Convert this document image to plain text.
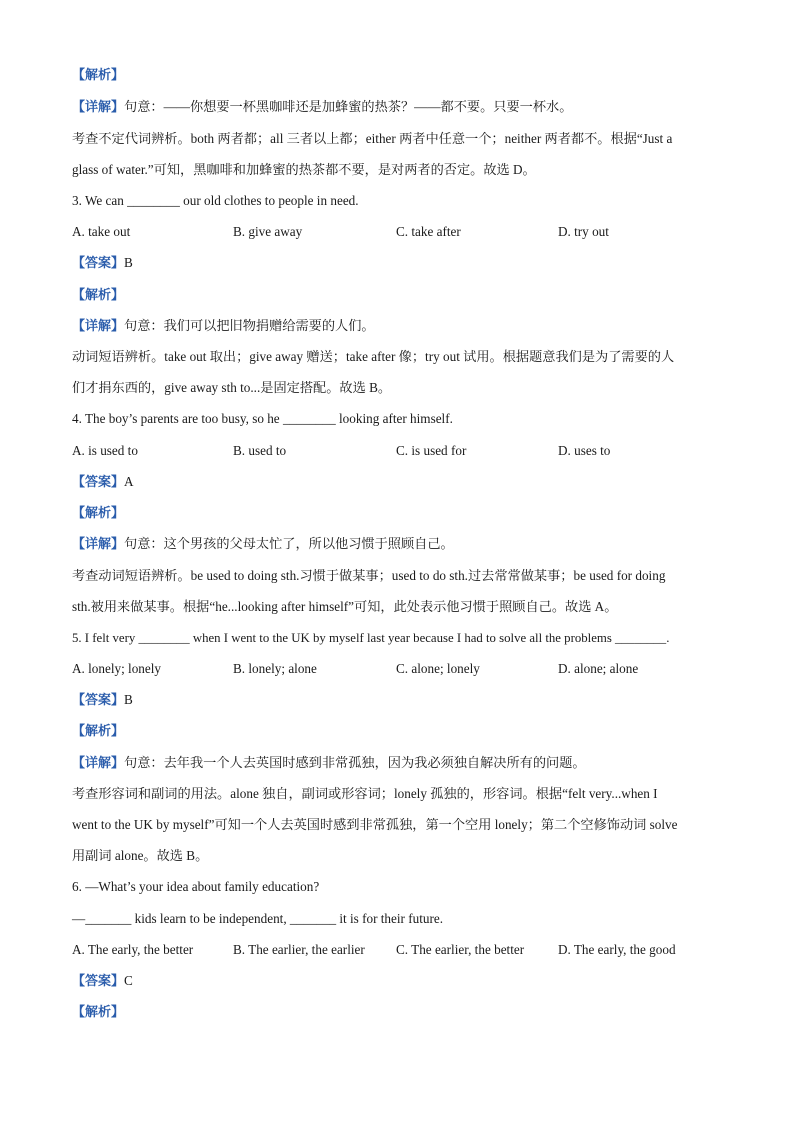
【解析】
【详解】句意：——你想要一杯黑咖啡还是加蜂蜜的热茶？——都不要。只要一杯水。
考查不定代词辨析。both 两者都；all 三者以上都；either 两者中任意一个；neither 两者都不。根据“Just a
glass of water.”可知，黑咖啡和加蜂蜜的热茶都不要，是对两者的否定。故选 D。
3. We can ________ our old clothes to people in need.
A. take out	B. give away	C. take after	D. try out
【答案】B
【解析】
【详解】句意：我们可以把旧物捐赠给需要的人们。
动词短语辨析。take out 取出；give away 赠送；take after 像；try out 试用。根据题意我们是为了需要的人
们才捐东西的，give away sth to...是固定搭配。故选 B。
4. The boy’s parents are too busy, so he ________ looking after himself.
A. is used to	B. used to	C. is used for	D. uses to
【答案】A
【解析】
【详解】句意：这个男孩的父母太忙了，所以他习惯于照顾自己。
考查动词短语辨析。be used to doing sth.习惯于做某事；used to do sth.过去常常做某事；be used for doing
sth.被用来做某事。根据“he...looking after himself”可知，此处表示他习惯于照顾自己。故选 A。
5. I felt very ________ when I went to the UK by myself last year because I had to solve all the problems ________.
A. lonely; lonely	B. lonely; alone	C. alone; lonely	D. alone; alone
【答案】B
【解析】
【详解】句意：去年我一个人去英国时感到非常孤独，因为我必须独自解决所有的问题。
考查形容词和副词的用法。alone 独自，副词或形容词；lonely 孤独的，形容词。根据“felt very...when I
went to the UK by myself”可知一个人去英国时感到非常孤独，第一个空用 lonely；第二个空修饰动词 solve
用副词 alone。故选 B。
6. —What’s your idea about family education?
—_______ kids learn to be independent, _______ it is for their future.
A. The early, the better	B. The earlier, the earlier C. The earlier, the better	D. The early, the good
【答案】C
【解析】
